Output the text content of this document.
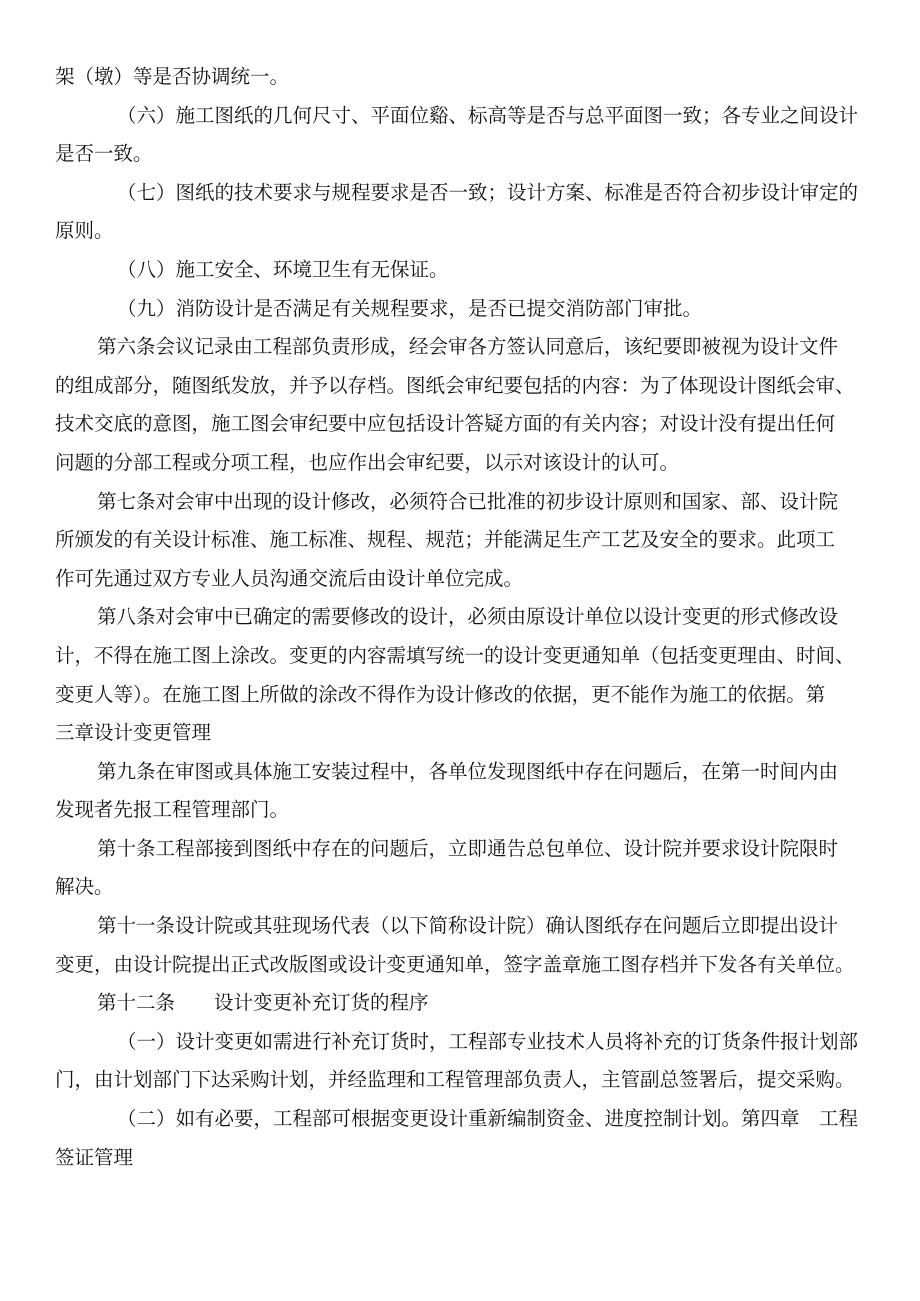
架（墩）等是否协调统一。
（六）施工图纸的几何尺寸、平面位谿、标高等是否与总平面图一致；各专业之间设计
是否一致。
（七）图纸的技术要求与规程要求是否一致；设计方案、标准是否符合初步设计审定的
原则。
（八）施工安全、环境卫生有无保证。
（九）消防设计是否满足有关规程要求，是否已提交消防部门审批。
第六条会议记录由工程部负责形成，经会审各方签认同意后，该纪要即被视为设计文件
的组成部分，随图纸发放，并予以存档。图纸会审纪要包括的内容：为了体现设计图纸会审、
技术交底的意图，施工图会审纪要中应包括设计答疑方面的有关内容；对设计没有提出任何
问题的分部工程或分项工程，也应作出会审纪要，以示对该设计的认可。
第七条对会审中出现的设计修改，必须符合已批准的初步设计原则和国家、部、设计院
所颁发的有关设计标准、施工标准、规程、规范；并能满足生产工艺及安全的要求。此项工
作可先通过双方专业人员沟通交流后由设计单位完成。
第八条对会审中已确定的需要修改的设计，必须由原设计单位以设计变更的形式修改设
计，不得在施工图上涂改。变更的内容需填写统一的设计变更通知单（包括变更理由、时间、
变更人等）。在施工图上所做的涂改不得作为设计修改的依据，更不能作为施工的依据。第
三章设计变更管理
第九条在审图或具体施工安装过程中，各单位发现图纸中存在问题后，在第一时间内由
发现者先报工程管理部门。
第十条工程部接到图纸中存在的问题后，立即通告总包单位、设计院并要求设计院限时
解决。
第十一条设计院或其驻现场代表（以下简称设计院）确认图纸存在问题后立即提出设计
变更，由设计院提出正式改版图或设计变更通知单，签字盖章施工图存档并下发各有关单位。
第十二条　　设计变更补充订货的程序
（一）设计变更如需进行补充订货时，工程部专业技术人员将补充的订货条件报计划部
门，由计划部门下达采购计划，并经监理和工程管理部负责人，主管副总签署后，提交采购。
（二）如有必要，工程部可根据变更设计重新编制资金、进度控制计划。第四章　工程
签证管理
